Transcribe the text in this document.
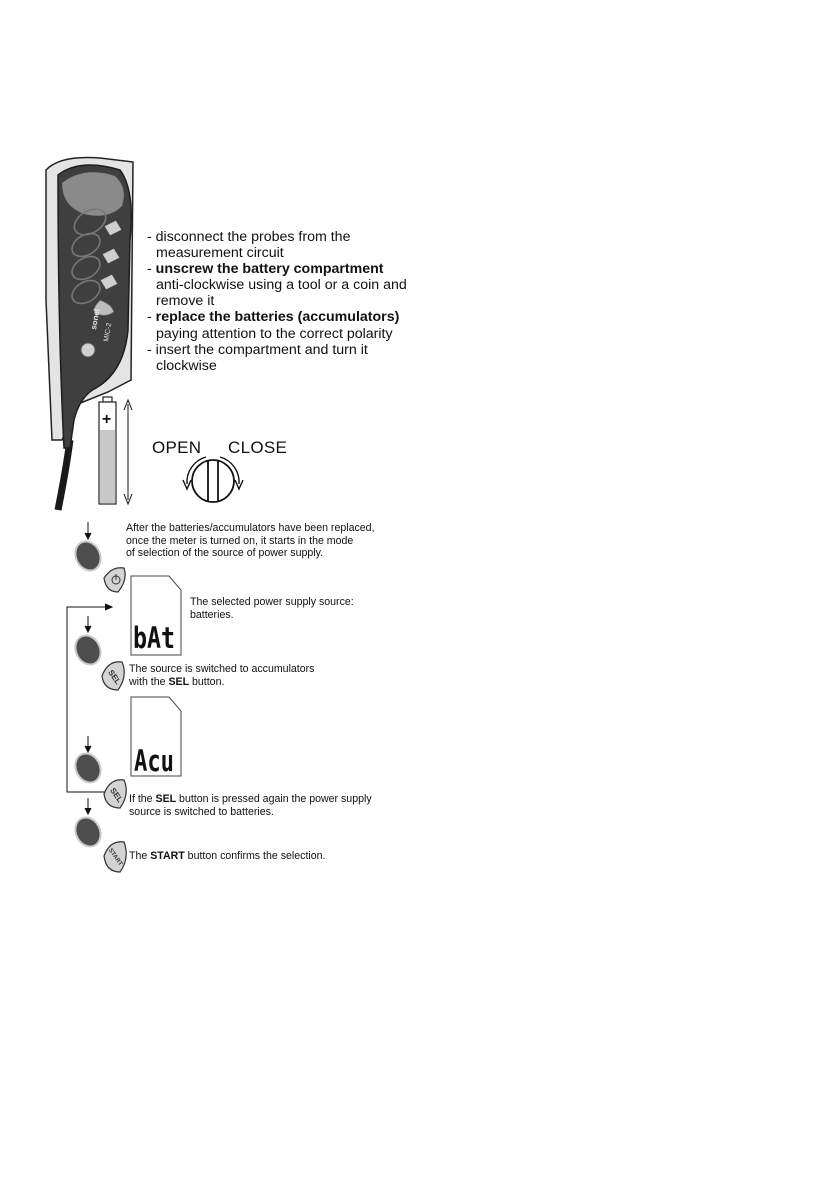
sonel
MIC-2
+
SEL
SEL
START
bAt
Acu
- disconnect the probes from the
measurement circuit
- unscrew the battery compartment
anti-clockwise using a tool or a coin and
remove it
- replace the batteries (accumulators)
paying attention to the correct polarity
- insert the compartment and turn it
clockwise
OPEN CLOSE
After the batteries/accumulators have been replaced,
once the meter is turned on, it starts in the mode
of selection of the source of power supply.
The selected power supply source:
batteries.
The source is switched to accumulators
with the SEL button.
If the SEL button is pressed again the power supply
source is switched to batteries.
The START button confirms the selection.
